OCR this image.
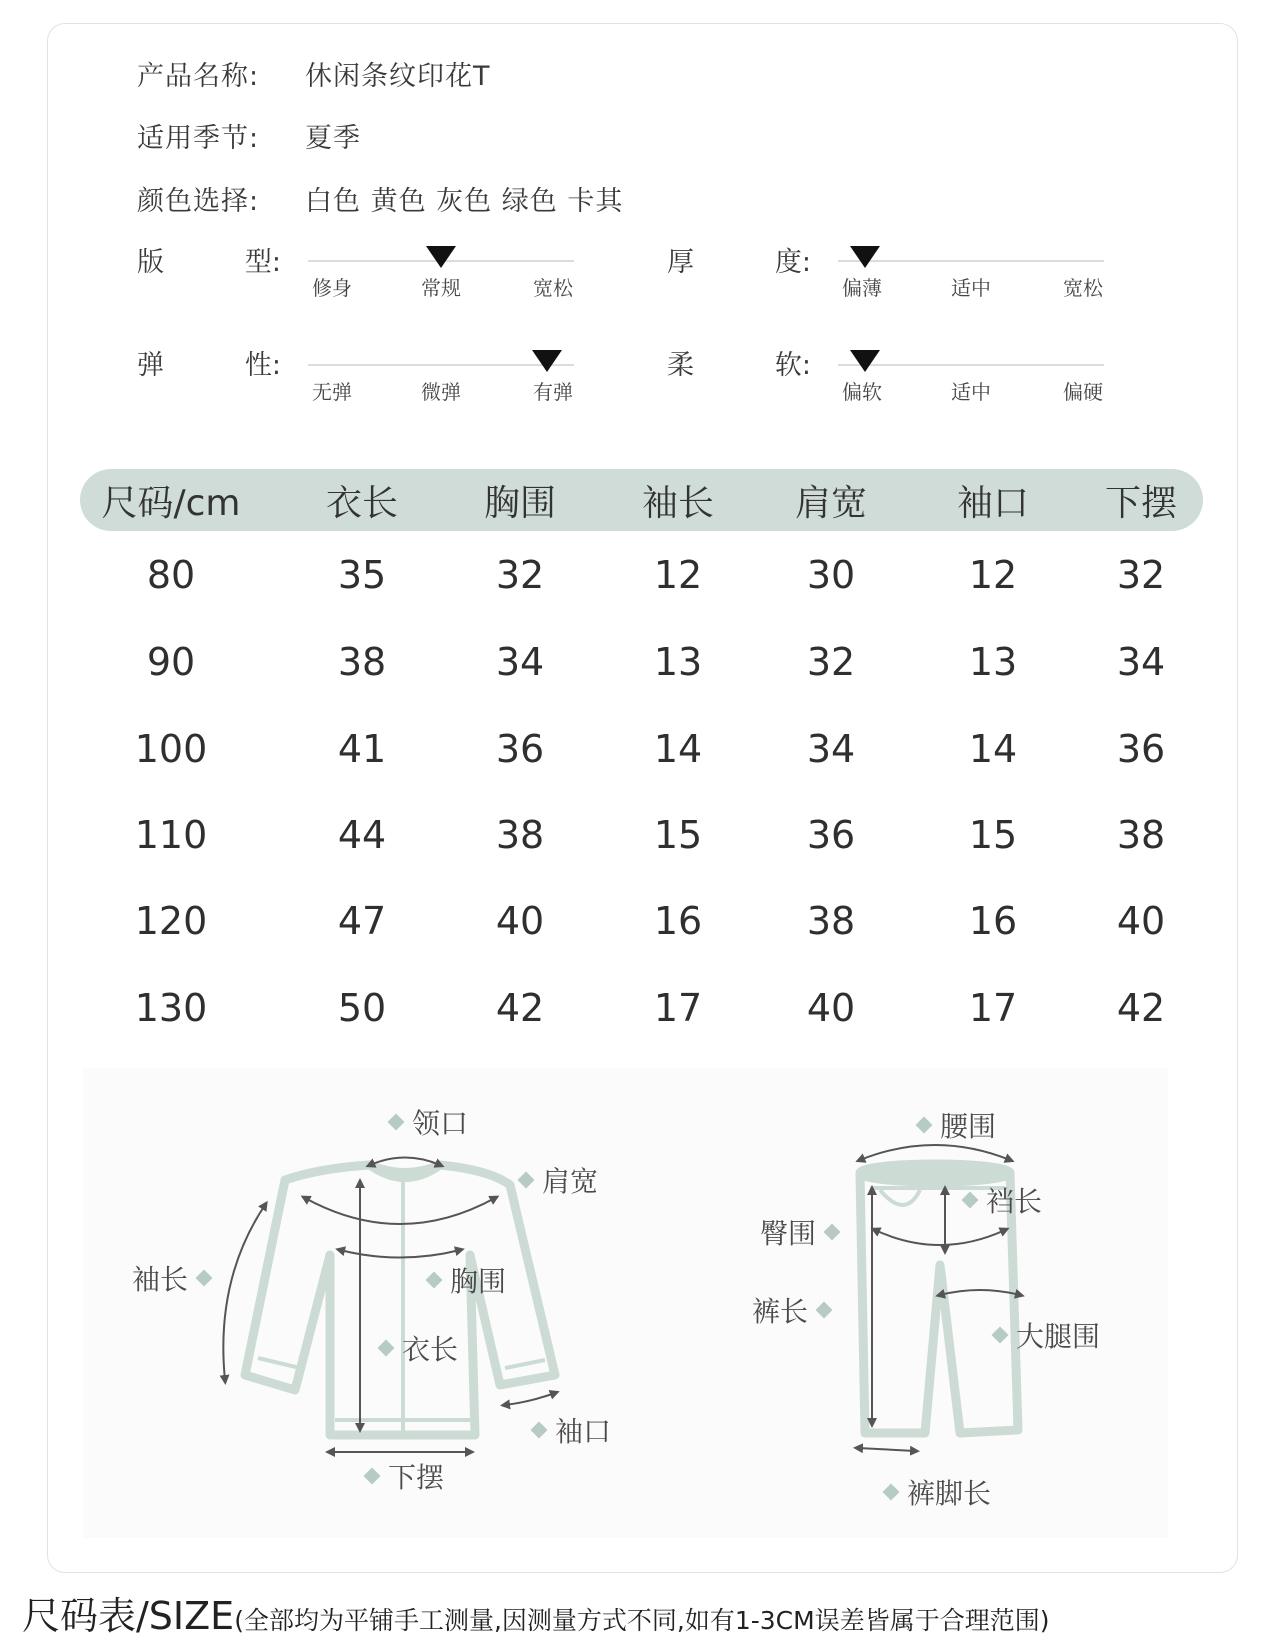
产品名称:	休闲条纹印花T
适用季节:	夏季
颜色选择:	白色 黄色 灰色 绿色 卡其
版	型:
修身	常规	宽松
厚	度:
偏薄	适中	宽松
弹	性:
无弹	微弹	有弹
柔	软:
偏软	适中	偏硬
尺码/cm	衣长	胸围	袖长	肩宽	袖口	下摆
80	35	32	12	30	12	32
90	38	34	13	32	13	34
100	41	36	14	34	14	36
110	44	38	15	36	15	38
120	47	40	16	38	16	40
130	50	42	17	40	17	42
领口
肩宽
袖长	胸围
衣长
袖口
下摆
腰围
裆长
臀围
裤长
大腿围
裤脚长
尺码表/SIZE(全部均为平铺手工测量,因测量方式不同,如有1-3CM误差皆属于合理范围)
